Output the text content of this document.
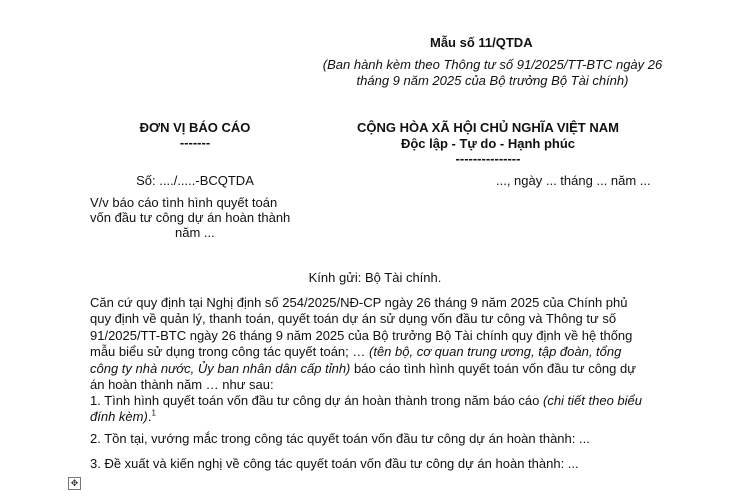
Mẫu số 11/QTDA
(Ban hành kèm theo Thông tư số 91/2025/TT-BTC ngày 26
tháng 9 năm 2025 của Bộ trưởng Bộ Tài chính)
ĐƠN VỊ BÁO CÁO
-------
Số: ..../.....-BCQTDA
V/v báo cáo tình hình quyết toán
vốn đầu tư công dự án hoàn thành
năm ...
CỘNG HÒA XÃ HỘI CHỦ NGHĨA VIỆT NAM
Độc lập - Tự do - Hạnh phúc
---------------
..., ngày ... tháng ... năm ...
Kính gửi: Bộ Tài chính.
Căn cứ quy định tại Nghị định số 254/2025/NĐ-CP ngày 26 tháng 9 năm 2025 của Chính phủ
quy định về quản lý, thanh toán, quyết toán dự án sử dụng vốn đầu tư công và Thông tư số
91/2025/TT-BTC ngày 26 tháng 9 năm 2025 của Bộ trưởng Bộ Tài chính quy định về hệ thống
mẫu biểu sử dụng trong công tác quyết toán; … (tên bộ, cơ quan trung ương, tập đoàn, tổng
công ty nhà nước, Ủy ban nhân dân cấp tỉnh) báo cáo tình hình quyết toán vốn đầu tư công dự
án hoàn thành năm … như sau:
1. Tình hình quyết toán vốn đầu tư công dự án hoàn thành trong năm báo cáo (chi tiết theo biểu
đính kèm).$^1$
2. Tồn tại, vướng mắc trong công tác quyết toán vốn đầu tư công dự án hoàn thành: ...
3. Đề xuất và kiến nghị về công tác quyết toán vốn đầu tư công dự án hoàn thành: ...
✥
